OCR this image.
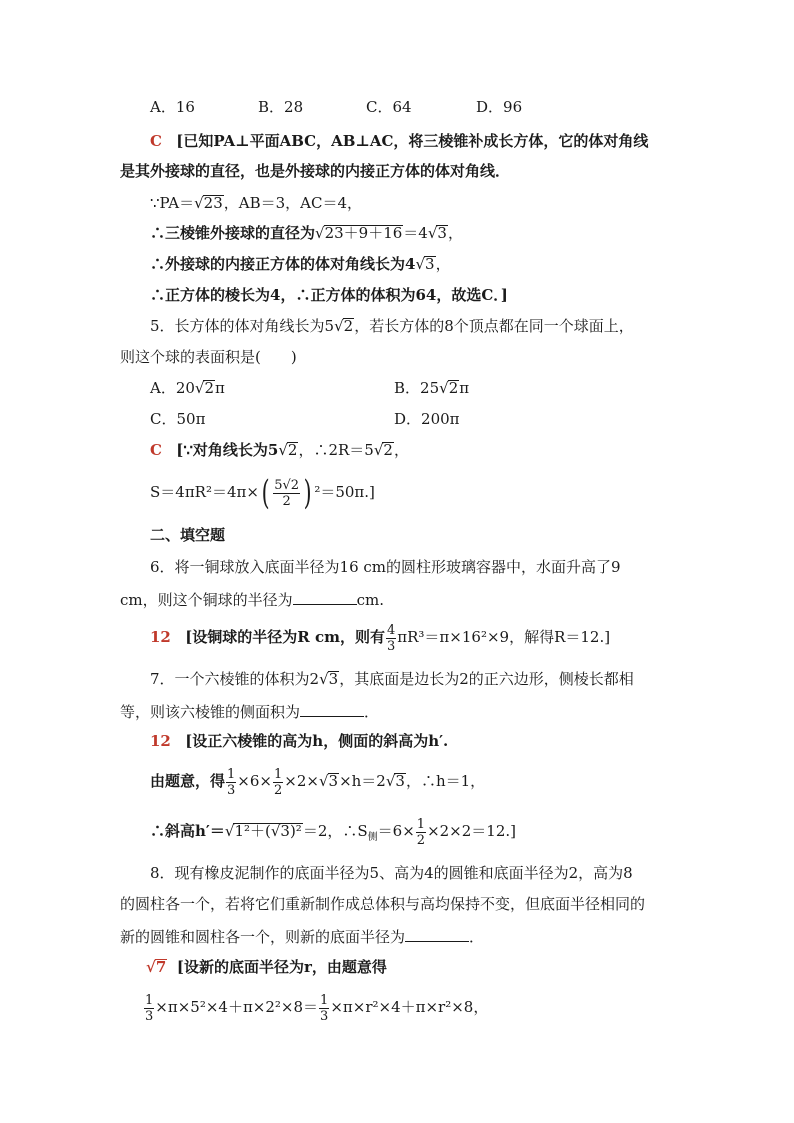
A．16	B．28	C．64	D．96
C [已知PA⊥平面ABC，AB⊥AC，将三棱锥补成长方体，它的体对角线
是其外接球的直径，也是外接球的内接正方体的体对角线．
∵PA＝√23，AB＝3，AC＝4，
∴三棱锥外接球的直径为√23＋9＋16＝4√3，
∴外接球的内接正方体的体对角线长为4√3，
∴正方体的棱长为4，∴正方体的体积为64，故选C．]
5．长方体的体对角线长为5√2，若长方体的8个顶点都在同一个球面上，
则这个球的表面积是(　　)
A．20√2π	B．25√2π
C．50π	D．200π
C [∵对角线长为5√2，∴2R＝5√2，
$S=4\pi R^2=4\pi\times( \frac{5√2}{2}$ ) ²＝50π.]
二、填空题
6．将一铜球放入底面半径为16 cm的圆柱形玻璃容器中，水面升高了9
cm，则这个铜球的半径为	cm.
12 [设铜球的半径为R cm，则有 $\frac{4}{3} \pi R^3=\pi\times 16^2\times 9$，解得R＝12.]
7．一个六棱锥的体积为2√3，其底面是边长为2的正六边形，侧棱长都相
等，则该六棱锥的侧面积为	．
12 [设正六棱锥的高为h，侧面的斜高为h′.
由题意，得 $\frac{1}{3} \times 6\times \frac{1}{2} \times 2\times√3\times h=2√3$，∴h＝1，
∴斜高h′＝√1²＋(√3)²＝2，$\therefore S_侧=6\times \frac{1}{2} \times 2\times 2=12$.]
8．现有橡皮泥制作的底面半径为5、高为4的圆锥和底面半径为2，高为8
的圆柱各一个，若将它们重新制作成总体积与高均保持不变，但底面半径相同的
新的圆锥和圆柱各一个，则新的底面半径为	．
√7 [设新的底面半径为r，由题意得
$\frac{1}{3} \times\pi\times 5^2\times 4+\pi\times 2^2\times 8= \frac{1}{3} \times\pi\times r^2\times 4+\pi\times r^2\times 8$，
